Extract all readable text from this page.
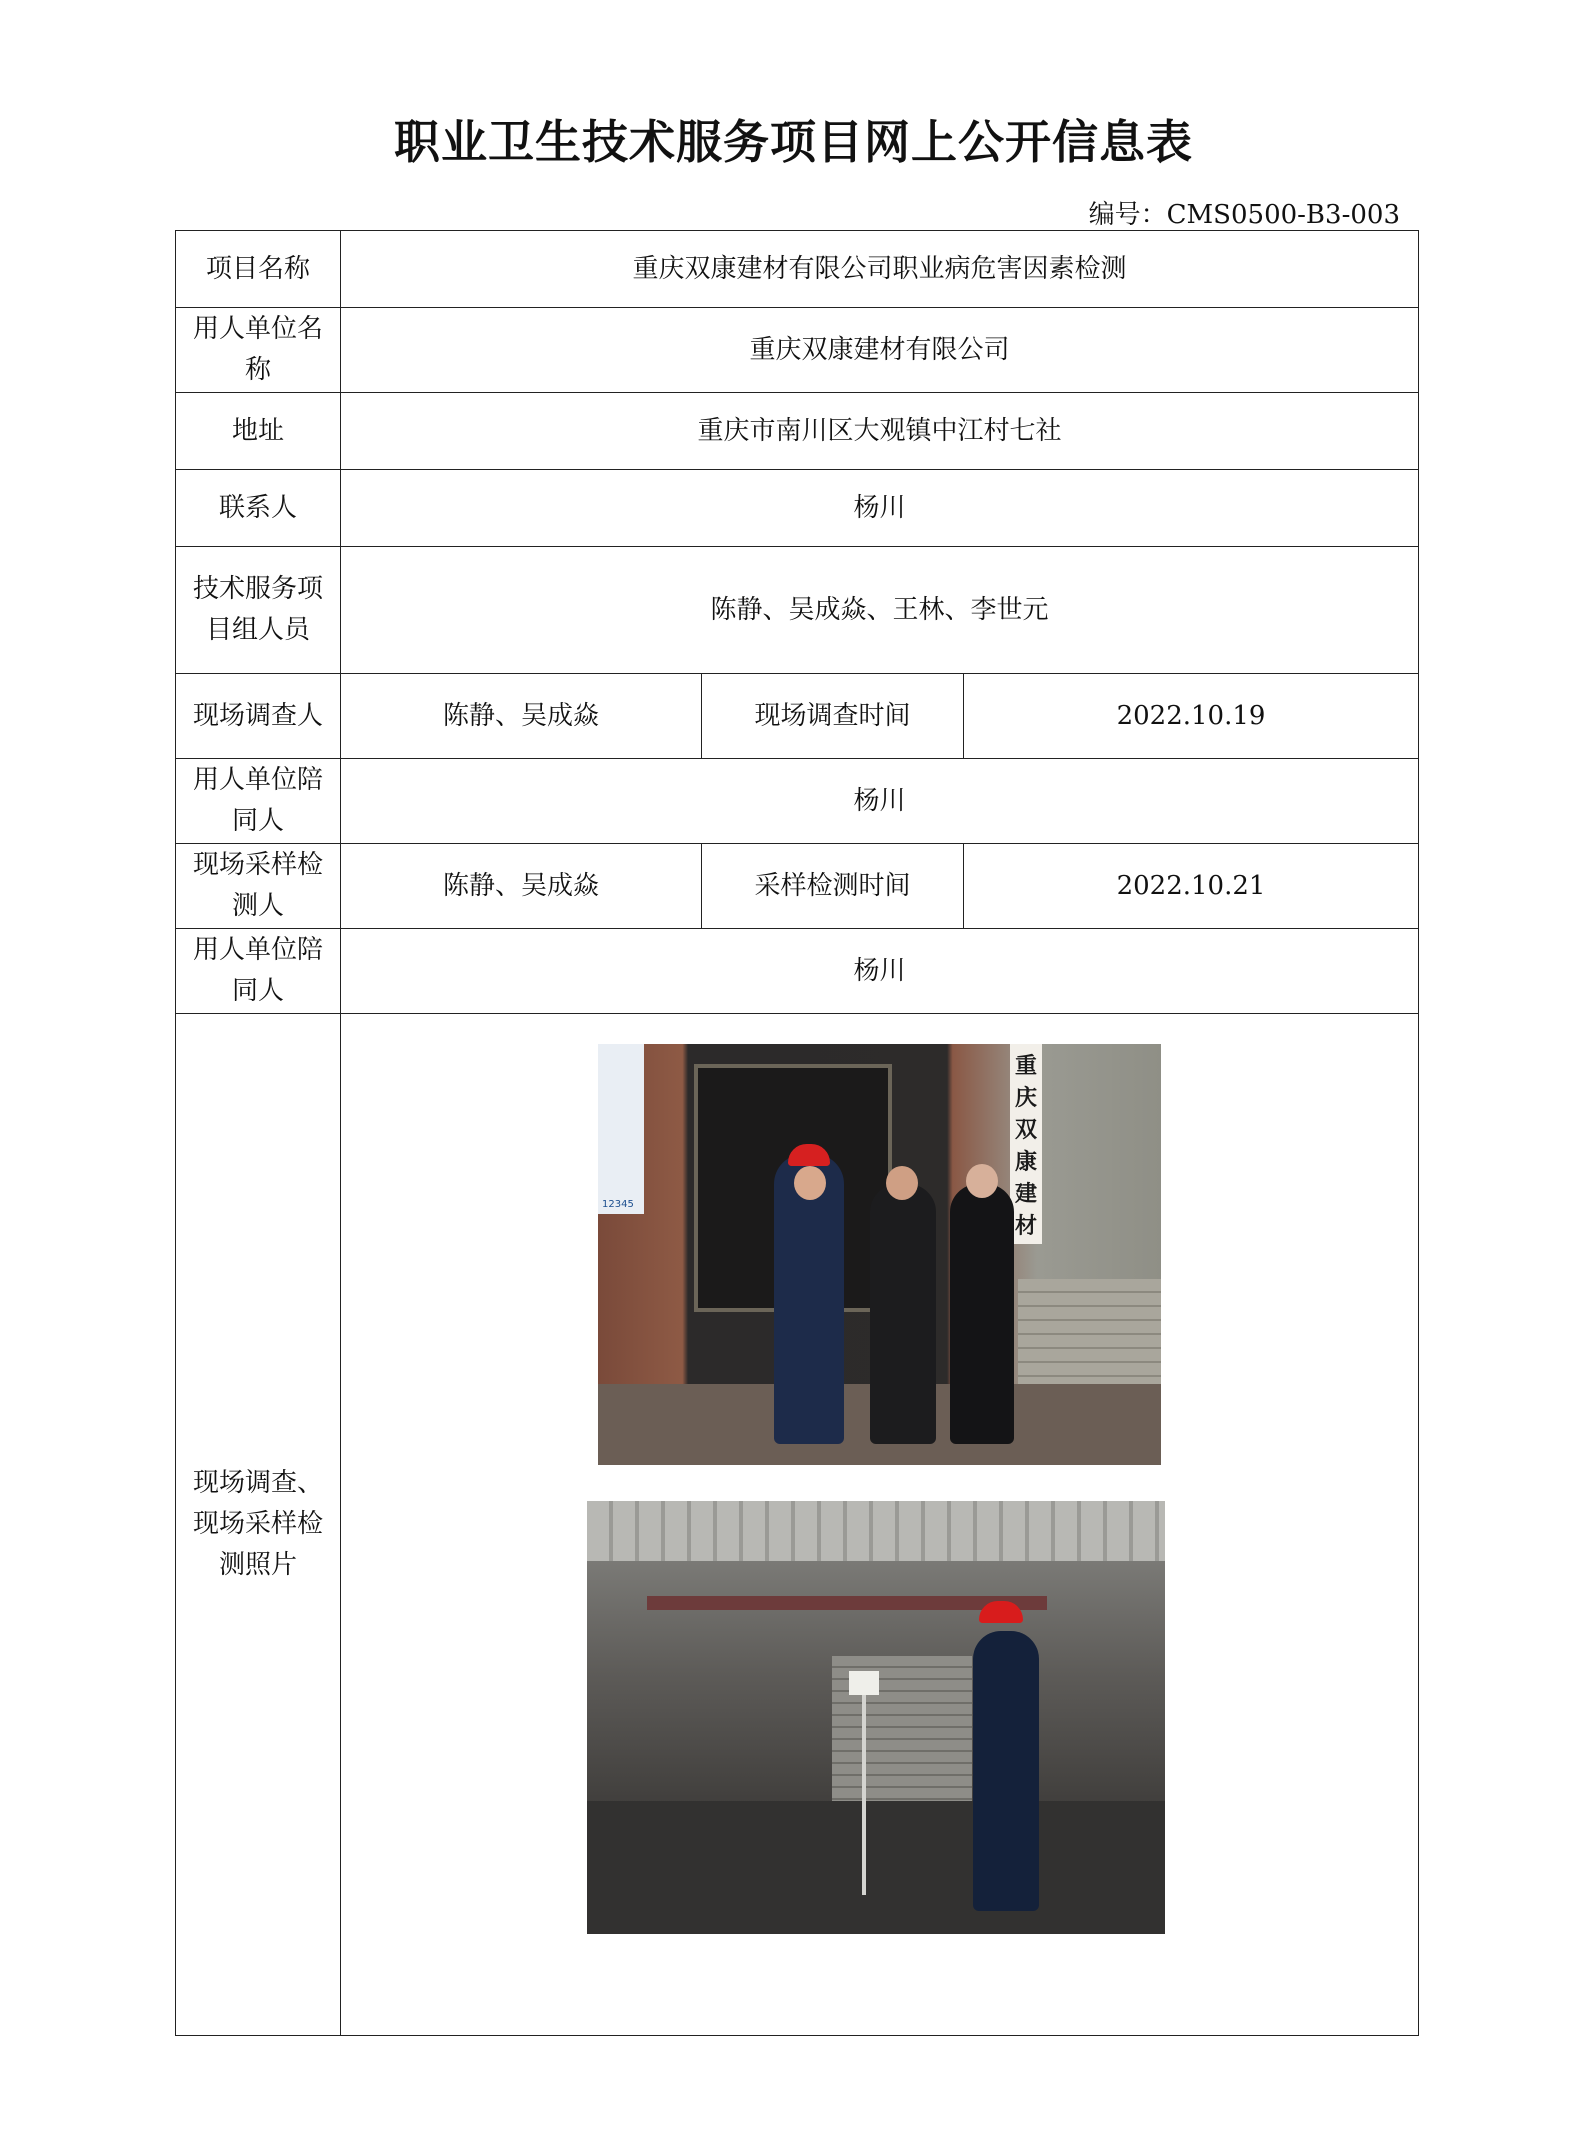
职业卫生技术服务项目网上公开信息表
编号：CMS0500-B3-003
项目名称	重庆双康建材有限公司职业病危害因素检测		
用人单位名称	重庆双康建材有限公司		
地址	重庆市南川区大观镇中江村七社		
联系人	杨川		
技术服务项目组人员	陈静、吴成焱、王林、李世元		
现场调查人	陈静、吴成焱	现场调查时间	2022.10.19
用人单位陪同人	杨川		
现场采样检测人	陈静、吴成焱	采样检测时间	2022.10.21
用人单位陪同人	杨川		
现场调查、现场采样检测照片	12345
重庆双康建材		
